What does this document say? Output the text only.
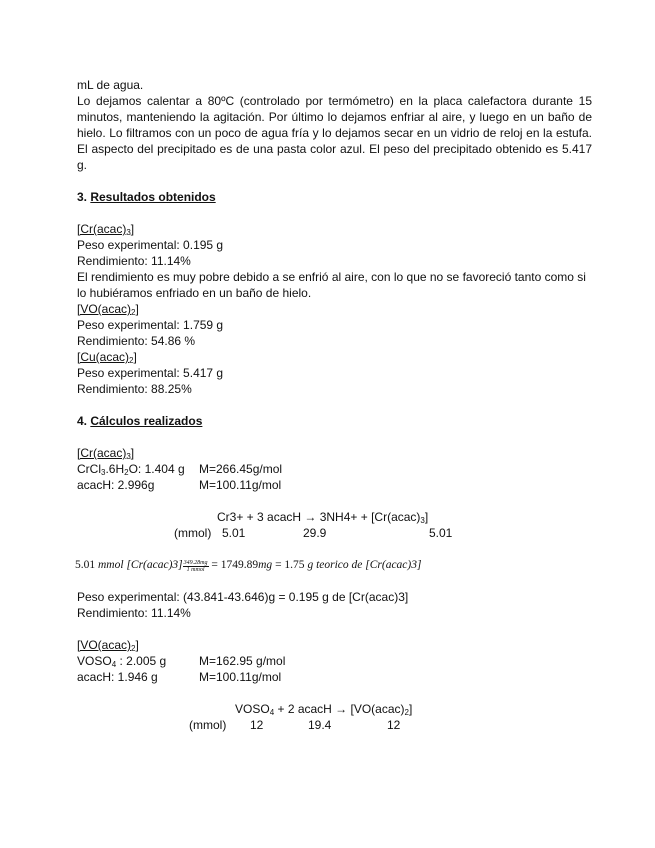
mL de agua.

Lo dejamos calentar a 80ºC (controlado por termómetro) en la placa calefactora durante 15 minutos, manteniendo la agitación. Por último lo dejamos enfriar al aire, y luego en un baño de hielo. Lo filtramos con un poco de agua fría y lo dejamos secar en un vidrio de reloj en la estufa. El aspecto del precipitado es de una pasta color azul. El peso del precipitado obtenido es 5.417 g.

3. Resultados obtenidos

$[Cr(acac)_3]$

Peso experimental: 0.195 g

Rendimiento: 11.14%

El rendimiento es muy pobre debido a se enfrió al aire, con lo que no se favoreció tanto como si lo hubiéramos enfriado en un baño de hielo.

$[VO(acac)_2]$

Peso experimental: 1.759 g

Rendimiento: 54.86 %

$[Cu(acac)_2]$

Peso experimental: 5.417 g

Rendimiento: 88.25%

4. Cálculos realizados

$[Cr(acac)_3]$

$CrCl_3.6H_2O$: 1.404 g	M=266.45g/mol
acacH: 2.996g	M=100.11g/mol

Cr3+ + 3 acacH → $3NH4+ + [Cr(acac)_3]$

(mmol) 5.01	29.9	5.01

5.01 mmol [Cr(acac)3] $\frac{349.28mg}{\text{1 mmol}} = 1749.89mg = 1.75$ g teorico de [Cr(acac)3]

Peso experimental: (43.841-43.646)g = 0.195 g de [Cr(acac)3]

Rendimiento: 11.14%

$[VO(acac)_2]$

$VOSO_4$ : 2.005 g	M=162.95 g/mol
acacH: 1.946 g	M=100.11g/mol

$VOSO_4 + 2$ acacH → $[VO(acac)_2]$

(mmol) 12	19.4	12
